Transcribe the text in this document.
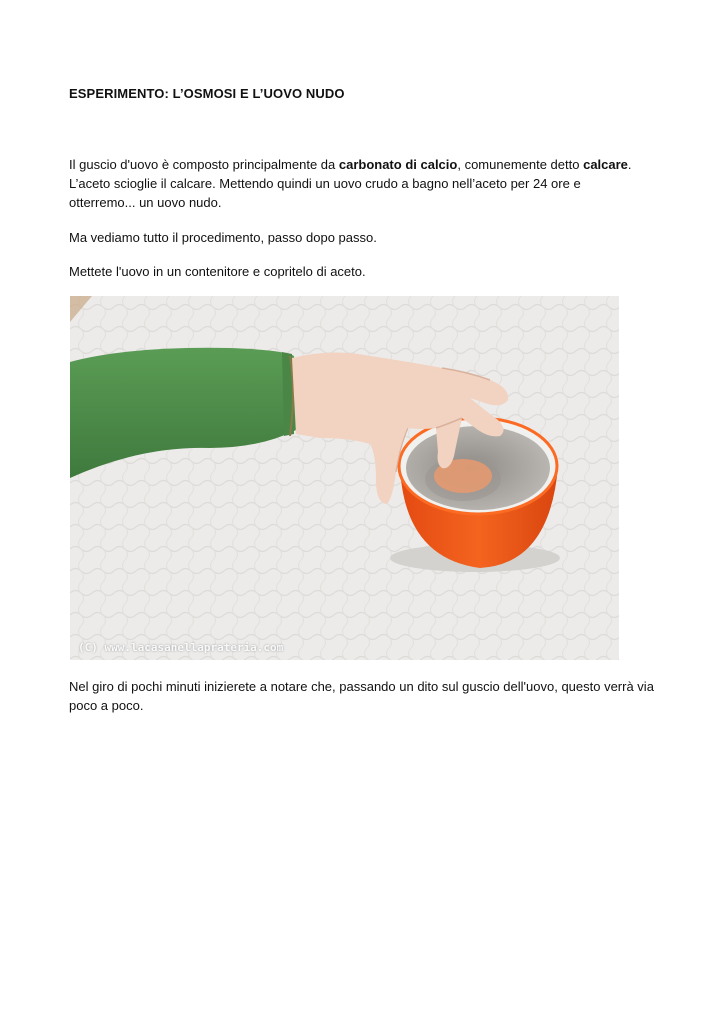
ESPERIMENTO: L’OSMOSI E L’UOVO NUDO
Il guscio d'uovo è composto principalmente da carbonato di calcio, comunemente detto calcare.
L’aceto scioglie il calcare. Mettendo quindi un uovo crudo a bagno nell’aceto per 24 ore e
otterremo... un uovo nudo.
Ma vediamo tutto il procedimento, passo dopo passo.
Mettete l'uovo in un contenitore e copritelo di aceto.
(C) www.lacasanellaprateria.com
Nel giro di pochi minuti inizierete a notare che, passando un dito sul guscio dell'uovo, questo verrà via poco a poco.
